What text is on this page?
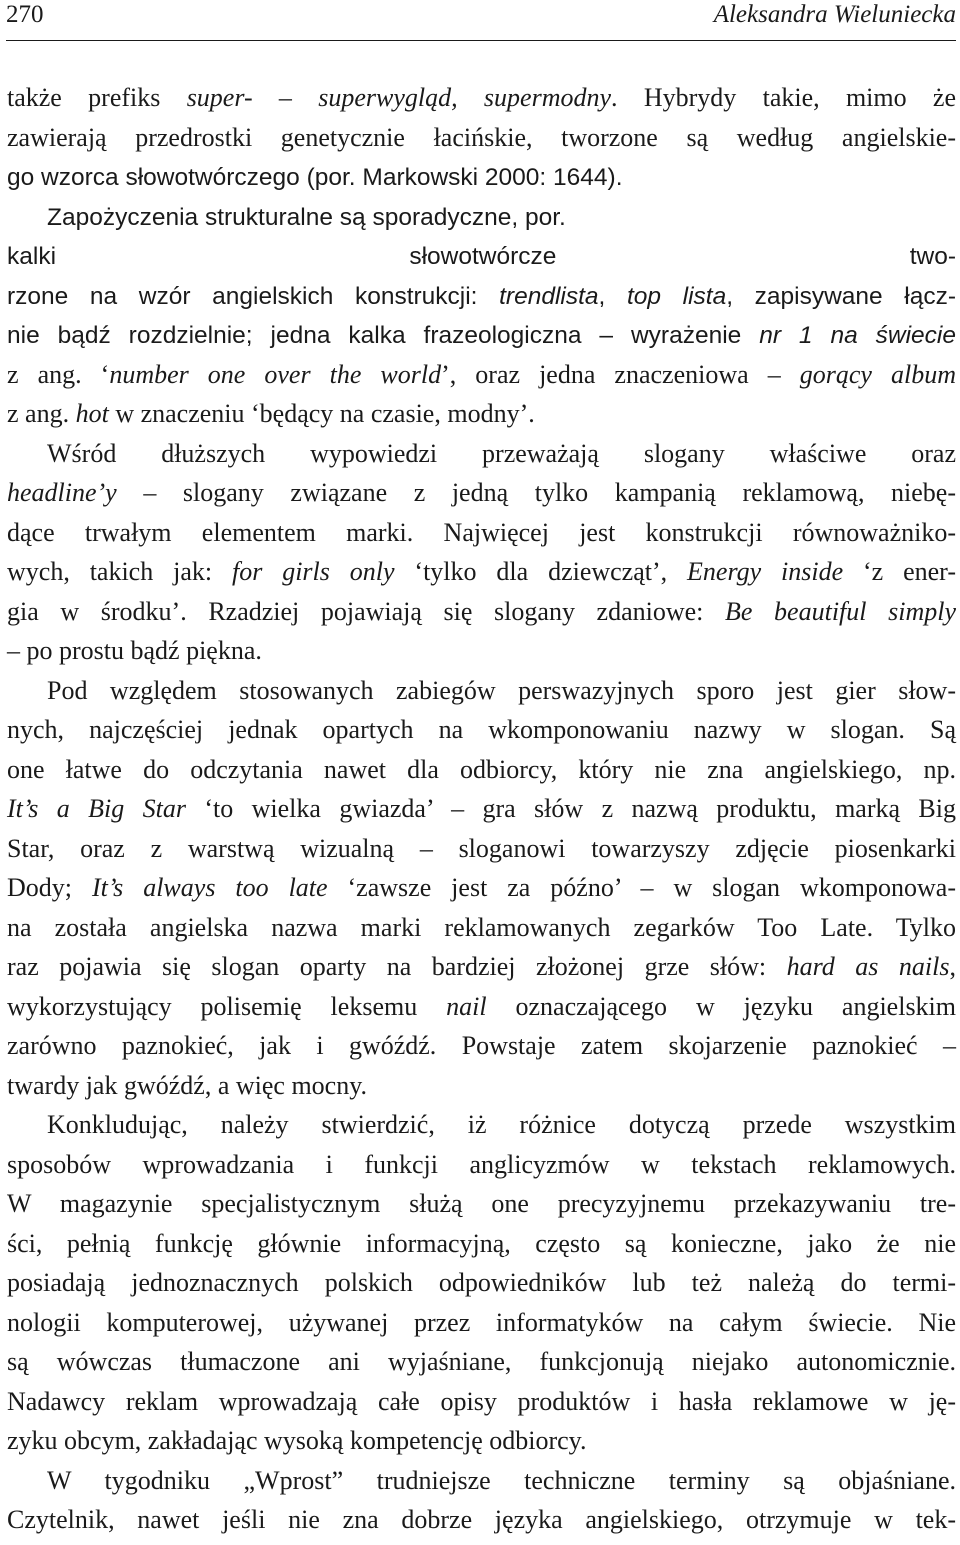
270	Aleksandra Wieluniecka
także prefiks super- – superwygląd, supermodny. Hybrydy takie, mimo że
zawierają przedrostki genetycznie łacińskie, tworzone są według angielskie-
go wzorca słowotwórczego (por. Markowski 2000: 1644).
Zapożyczenia strukturalne są sporadyczne, por.
kalki słowotwórcze two-
rzone na wzór angielskich konstrukcji: trendlista, top lista, zapisywane łącz-
nie bądź rozdzielnie; jedna kalka frazeologiczna – wyrażenie nr 1 na świecie
z ang. ‘number one over the world’, oraz jedna znaczeniowa – gorący album
z ang. hot w znaczeniu ‘będący na czasie, modny’.
Wśród dłuższych wypowiedzi przeważają slogany właściwe oraz
headline’y – slogany związane z jedną tylko kampanią reklamową, niebę-
dące trwałym elementem marki. Najwięcej jest konstrukcji równoważniko-
wych, takich jak: for girls only ‘tylko dla dziewcząt’, Energy inside ‘z ener-
gia w środku’. Rzadziej pojawiają się slogany zdaniowe: Be beautiful simply
– po prostu bądź piękna.
Pod względem stosowanych zabiegów perswazyjnych sporo jest gier słow-
nych, najczęściej jednak opartych na wkomponowaniu nazwy w slogan. Są
one łatwe do odczytania nawet dla odbiorcy, który nie zna angielskiego, np.
It’s a Big Star ‘to wielka gwiazda’ – gra słów z nazwą produktu, marką Big
Star, oraz z warstwą wizualną – sloganowi towarzyszy zdjęcie piosenkarki
Dody; It’s always too late ‘zawsze jest za późno’ – w slogan wkomponowa-
na została angielska nazwa marki reklamowanych zegarków Too Late. Tylko
raz pojawia się slogan oparty na bardziej złożonej grze słów: hard as nails,
wykorzystujący polisemię leksemu nail oznaczającego w języku angielskim
zarówno paznokieć, jak i gwóźdź. Powstaje zatem skojarzenie paznokieć –
twardy jak gwóźdź, a więc mocny.
Konkludując, należy stwierdzić, iż różnice dotyczą przede wszystkim
sposobów wprowadzania i funkcji anglicyzmów w tekstach reklamowych.
W magazynie specjalistycznym służą one precyzyjnemu przekazywaniu tre-
ści, pełnią funkcję głównie informacyjną, często są konieczne, jako że nie
posiadają jednoznacznych polskich odpowiedników lub też należą do termi-
nologii komputerowej, używanej przez informatyków na całym świecie. Nie
są wówczas tłumaczone ani wyjaśniane, funkcjonują niejako autonomicznie.
Nadawcy reklam wprowadzają całe opisy produktów i hasła reklamowe w ję-
zyku obcym, zakładając wysoką kompetencję odbiorcy.
W tygodniku „Wprost” trudniejsze techniczne terminy są objaśniane.
Czytelnik, nawet jeśli nie zna dobrze języka angielskiego, otrzymuje w tek-
